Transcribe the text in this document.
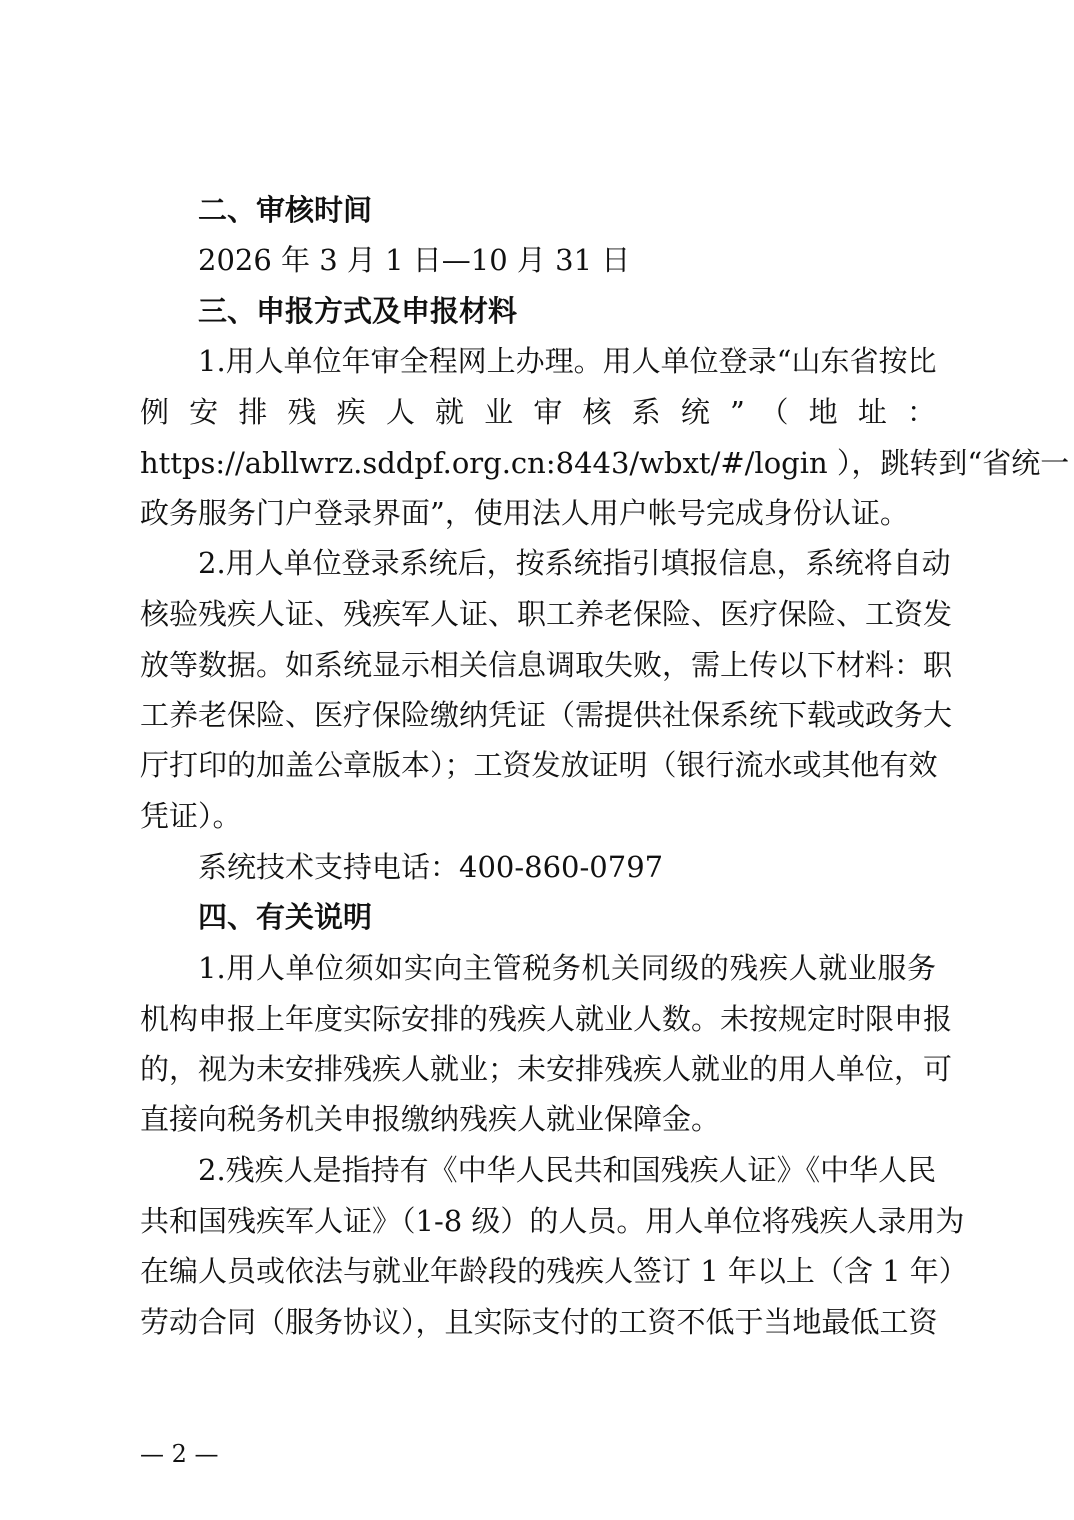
二、审核时间
2026 年 3 月 1 日—10 月 31 日
三、申报方式及申报材料
1.用人单位年审全程网上办理。用人单位登录“山东省按比
例 安 排 残 疾 人 就 业 审 核 系 统 ” （ 地 址 ：
https://abllwrz.sddpf.org.cn:8443/wbxt/#/login ），跳转到“省统一
政务服务门户登录界面”，使用法人用户帐号完成身份认证。
2.用人单位登录系统后，按系统指引填报信息，系统将自动
核验残疾人证、残疾军人证、职工养老保险、医疗保险、工资发
放等数据。如系统显示相关信息调取失败，需上传以下材料：职
工养老保险、医疗保险缴纳凭证（需提供社保系统下载或政务大
厅打印的加盖公章版本）；工资发放证明（银行流水或其他有效
凭证）。
系统技术支持电话：400-860-0797
四、有关说明
1.用人单位须如实向主管税务机关同级的残疾人就业服务
机构申报上年度实际安排的残疾人就业人数。未按规定时限申报
的，视为未安排残疾人就业；未安排残疾人就业的用人单位，可
直接向税务机关申报缴纳残疾人就业保障金。
2.残疾人是指持有《中华人民共和国残疾人证》《中华人民
共和国残疾军人证》（1-8 级）的人员。用人单位将残疾人录用为
在编人员或依法与就业年龄段的残疾人签订 1 年以上（含 1 年）
劳动合同（服务协议），且实际支付的工资不低于当地最低工资
— 2 —
